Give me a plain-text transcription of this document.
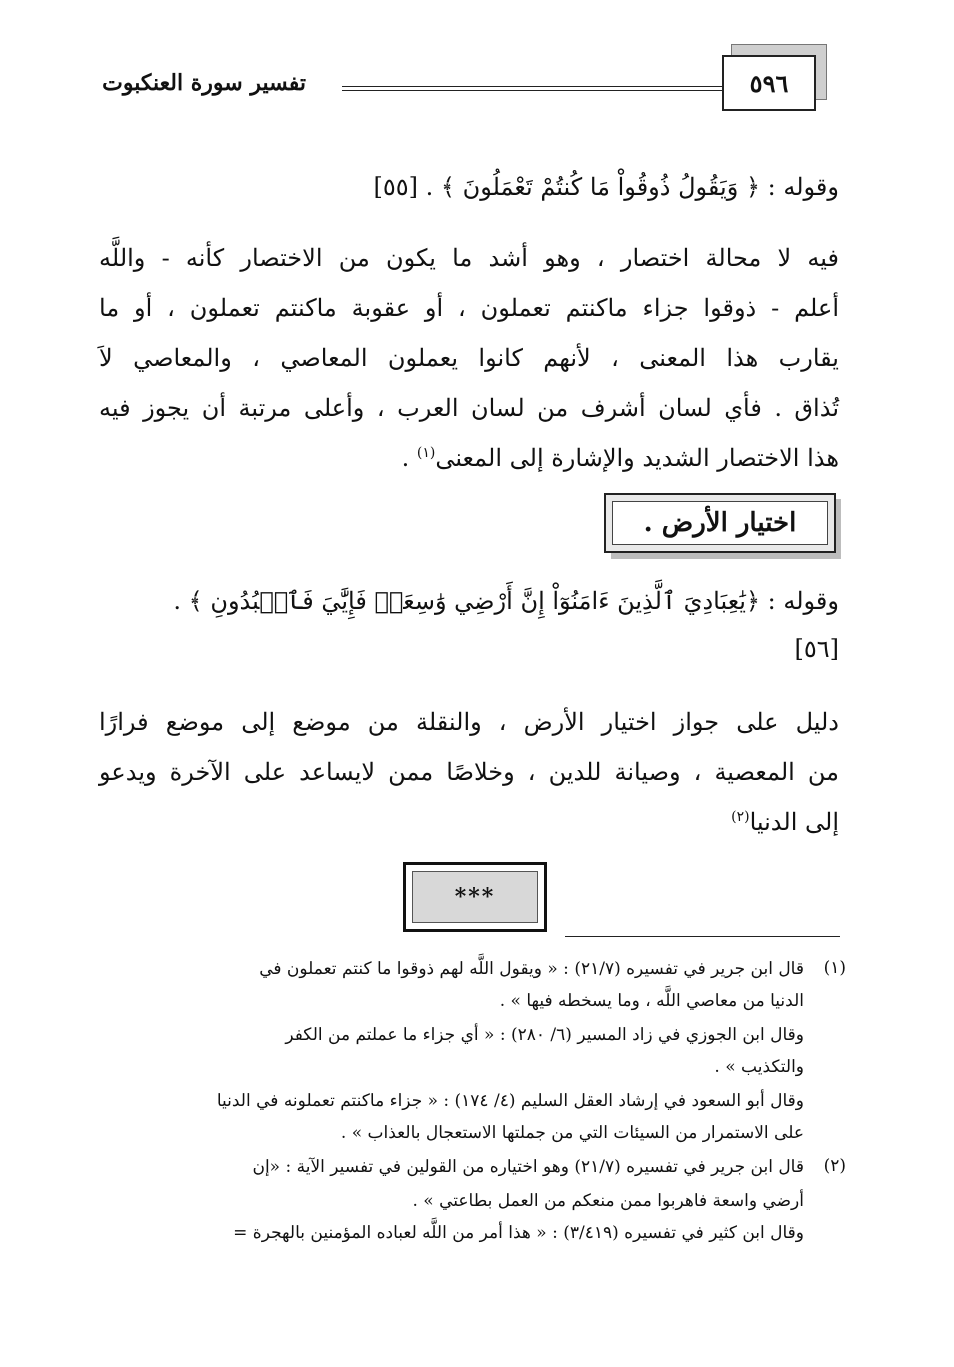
تفسير سورة العنكبوت	٥٩٦
وقوله : ﴿ وَيَقُولُ ذُوقُواْ مَا كُنتُمْ تَعْمَلُونَ ﴾ . [٥٥]
فيه لا محالة اختصار ، وهو أشد ما يكون من الاختصار كأنه - واللَّه
أعلم - ذوقوا جزاء ماكنتم تعملون ، أو عقوبة ماكنتم تعملون ، أو ما
يقارب هذا المعنى ، لأنهم كانوا يعملون المعاصي ، والمعاصي لاَ
تُذاق . فأي لسان أشرف من لسان العرب ، وأعلى مرتبة أن يجوز فيه
هذا الاختصار الشديد والإشارة إلى المعنى$^{(١)}$ .
اختيار الأرض .
وقوله : ﴿يَٰعِبَادِيَ ٱلَّذِينَ ءَامَنُوٓاْ إِنَّ أَرْضِي وَٰسِعَةٞ فَإِيَّٰيَ فَٱعۡبُدُونِ ﴾ .
[٥٦]
دليل على جواز اختيار الأرض ، والنقلة من موضع إلى موضع فرارًا
من المعصية ، وصيانة للدين ، وخلاصًا ممن لايساعد على الآخرة ويدعو
إلى الدنيا$^{(٢)}$
***
(١)
قال ابن جرير في تفسيره (٢١/٧) : « ويقول اللَّه لهم ذوقوا ما كنتم تعملون في
الدنيا من معاصي اللَّه ، وما يسخطه فيها » .
وقال ابن الجوزي في زاد المسير (٦/ ٢٨٠) : « أي جزاء ما عملتم من الكفر
والتكذيب » .
وقال أبو السعود في إرشاد العقل السليم (٤/ ١٧٤) : « جزاء ماكنتم تعملونه في الدنيا
على الاستمرار من السيئات التي من جملتها الاستعجال بالعذاب » .
(٢)
قال ابن جرير في تفسيره (٢١/٧) وهو اختياره من القولين في تفسير الآية : «إن
أرضي واسعة فاهربوا ممن منعكم من العمل بطاعتي » .
وقال ابن كثير في تفسيره (٣/٤١٩) : « هذا أمر من اللَّه لعباده المؤمنين بالهجرة =
